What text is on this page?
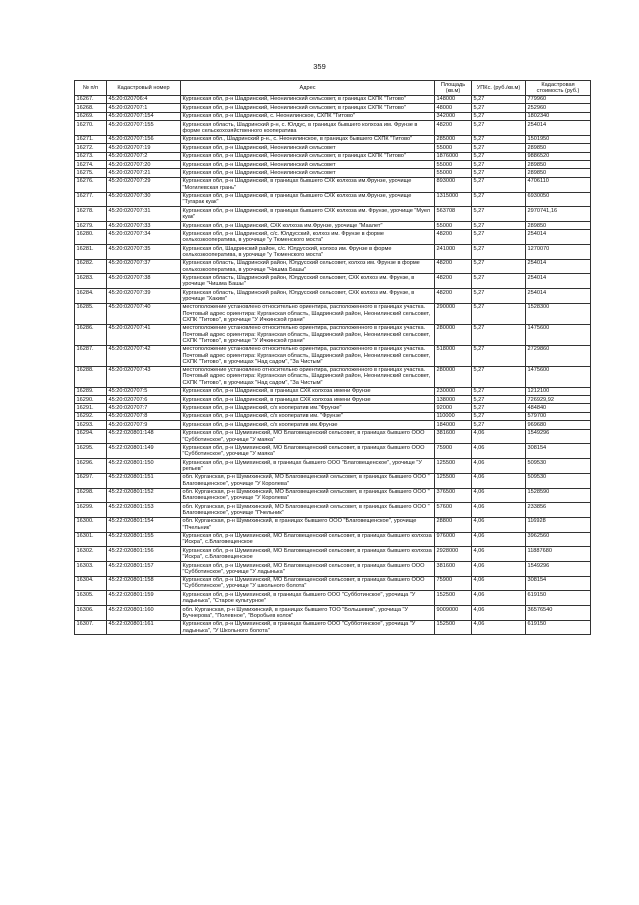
359
№ п/п	Кадастровый номер	Адрес	Площадь (кв.м)	УПКс. (руб./кв.м)	Кадастровая стоимость (руб.)
16267.	45:20:020706:4	Курганская обл, р-н Шадринский, Неонилинский сельсовет, в границах СХПК "Титово"	148000	5,27	779960
16268.	45:20:020707:1	Курганская обл, р-н Шадринский, Неонилинский сельсовет, в границах СХПК "Титово"	48000	5,27	252960
16269.	45:20:020707:154	Курганская обл, р-н Шадринский, с. Неонилинское, СХПК "Титово"	342000	5,27	1802340
16270.	45:20:020707:155	Курганская область, Шадринский р-н, с. Юлдус, в границах бывшего колхоза им. Фрунзе в форме сельскохозяйственного кооператива	48200	5,27	254014
16271.	45:20:020707:156	Курганская обл., Шадринский р-н., с. Неонилинское, в границах бывшего СХПК "Титово"	285000	5,27	1501950
16272.	45:20:020707:19	Курганская обл, р-н Шадринский, Неонилинский сельсовет	55000	5,27	289850
16273.	45:20:020707:2	Курганская обл, р-н Шадринский, Неонилинский сельсовет, в границах СХПК "Титово"	1876000	5,27	9886520
16274.	45:20:020707:20	Курганская обл, р-н Шадринский, Неонилинский сельсовет	55000	5,27	289850
16275.	45:20:020707:21	Курганская обл, р-н Шадринский, Неонилинский сельсовет	55000	5,27	289850
16276.	45:20:020707:29	Курганская обл, р-н Шадринский, в границах бывшего СХК колхоза им.Фрунзе, урочище "Могилевская грань"	893000	5,27	4706110
16277.	45:20:020707:30	Курганская обл, р-н Шадринский, в границах бывшего СХК колхоза им.Фрунзе, урочище "Тугарак куак"	1315000	5,27	6930050
16278.	45:20:020707:31	Курганская обл, р-н Шадринский, в границах бывшего СХК колхоза им. Фрунзе, урочище "Муел куак"	563708	5,27	2970741,16
16279.	45:20:020707:33	Курганская обл, р-н Шадринский, СХК колхоза им.Фрунзе, урочище "Маалет"	55000	5,27	289850
16280.	45:20:020707:34	Курганская обл, р-н Шадринский, с/с. Юлдусский, колхоз им. Фрунзе в форме сельхозкооператива, в урочище "у Тюменского моста"	48200	5,27	254014
16281.	45:20:020707:35	Курганская обл, Шадринский район, с/с. Юлдусский, колхоз им. Фрунзе в форме сельхозкооператива, в урочище "у Тюменского моста"	241000	5,27	1270070
16282.	45:20:020707:37	Курганская область, Шадринский район, Юлдусский сельсовет, колхоз им. Фрунзе в форме сельхозкооператива, в урочище "Чишма Башы"	48200	5,27	254014
16283.	45:20:020707:38	Курганская область, Шадринский район, Юлдусский сельсовет, СХК колхоз им. Фрунзе, в урочище "Чишма Башы"	48200	5,27	254014
16284.	45:20:020707:39	Курганская область, Шадринский район, Юлдусский сельсовет, СХК колхоз им. Фрунзе, в урочище "Хаким"	48200	5,27	254014
16285.	45:20:020707:40	местоположение установлено относительно ориентира, расположенного в границах участка. Почтовый адрес ориентира: Курганская область, Шадринский район, Неонилинский сельсовет, СХПК "Титово", в урочище "У Ичкинской грани"	290000	5,27	1528300
16286.	45:20:020707:41	местоположение установлено относительно ориентира, расположенного в границах участка. Почтовый адрес ориентира: Курганская область, Шадринский район, Неонилинский сельсовет, СХПК "Титово", в урочище "У Ичкинской грани"	280000	5,27	1475600
16287.	45:20:020707:42	местоположение установлено относительно ориентира, расположенного в границах участка. Почтовый адрес ориентира: Курганская область, Шадринский район, Неонилинский сельсовет, СХПК "Титово", в урочищах "Над садом", "За Чистым"	518000	5,27	2729860
16288.	45:20:020707:43	местоположение установлено относительно ориентира, расположенного в границах участка. Почтовый адрес ориентира: Курганская область, Шадринский район, Неонилинский сельсовет, СХПК "Титово", в урочищах "Над садом", "За Чистым"	280000	5,27	1475600
16289.	45:20:020707:5	Курганская обл, р-н Шадринский, в границах СХК колхоза имени Фрунзе	230000	5,27	1212100
16290.	45:20:020707:6	Курганская обл, р-н Шадринский, в границах СХК колхоза имени Фрунзе	138000	5,27	726929,92
16291.	45:20:020707:7	Курганская обл, р-н Шадринский, с/х кооператив им."Фрунзе"	92000	5,27	484840
16292.	45:20:020707:8	Курганская обл, р-н Шадринский, с/х кооператив им. "Фрунзе"	110000	5,27	579700
16293.	45:20:020707:9	Курганская обл, р-н Шадринский, с/х кооператив им.Фрунзе	184000	5,27	969680
16294.	45:22:020801:148	Курганская обл, р-н Шумихинский, МО Благовещенский сельсовет, в границах бывшего ООО "Субботинское", урочище "У маяка"	381600	4,06	1549296
16295.	45:22:020801:149	Курганская обл, р-н Шумихинский, МО Благовещенский сельсовет, в границах бывшего ООО "Субботинское", урочище "У маяка"	75900	4,06	308154
16296.	45:22:020801:150	Курганская обл, р-н Шумихинский, в границах бывшего ООО "Благовещенское", урочище "У репьев"	125500	4,06	509530
16297.	45:22:020801:151	обл. Курганская, р-н Шумихинский, МО Благовещенский сельсовет, в границах бывшего ООО " Благовещенское", урочище "У Королева"	125500	4,06	509530
16298.	45:22:020801:152	обл. Курганская, р-н Шумихинский, МО Благовещенский сельсовет, в границах бывшего ООО " Благовещенское", урочище "У Королева"	376500	4,06	1528590
16299.	45:22:020801:153	обл. Курганская, р-н Шумихинский, МО Благовещенский сельсовет, в границах бывшего ООО " Благовещенское", урочище "Пчельник"	57600	4,06	233856
16300.	45:22:020801:154	обл. Курганская, р-н Шумихинский, в границах бывшего ООО "Благовещенское", урочище "Пчельник"	28800	4,06	116928
16301.	45:22:020801:155	Курганская обл, р-н Шумихинский, МО Благовещенский сельсовет, в границах бывшего колхоза "Искра", с.Благовещенское	976000	4,06	3962560
16302.	45:22:020801:156	Курганская обл, р-н Шумихинский, МО Благовещенский сельсовет, в границах бывшего колхоза "Искра", с.Благовещенское	2928000	4,06	11887680
16303.	45:22:020801:157	Курганская обл, р-н Шумихинский, МО Благовещенский сельсовет, в границах бывшего ООО "Субботинское", урочище "У ладынька"	381600	4,06	1549296
16304.	45:22:020801:158	Курганская обл, р-н Шумихинский, МО Благовещенский сельсовет, в границах бывшего ООО "Субботинское", урочище "У школьного болота"	75900	4,06	308154
16305.	45:22:020801:159	Курганская обл, р-н Шумихинский, в границах бывшего ООО "Субботинское", урочища "У ладынька", "Старое культурное"	152500	4,06	619150
16306.	45:22:020801:160	обл. Курганская, р-н Шумихинский, в границах бывшего ТОО "Большевик", урочища "У Бучнерова", "Полевное", "Воробьев колок"	9009000	4,06	36576540
16307.	45:22:020801:161	Курганская обл, р-н Шумихинский, в границах бывшего ООО "Субботинское", урочища "У ладынька", "У Школьного болота"	152500	4,06	619150
